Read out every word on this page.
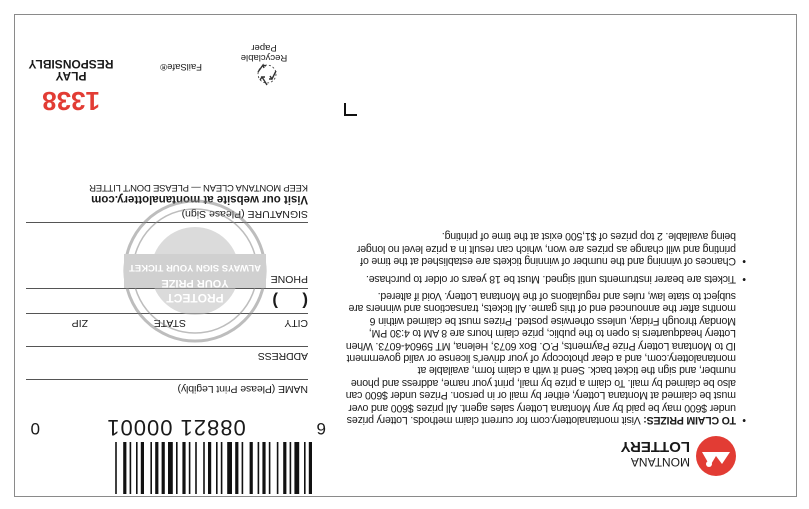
MONTANA
LOTTERY

• TO CLAIM PRIZES: Visit montanalottery.com for current claim methods. Lottery prizes under $600 may be paid by any Montana Lottery sales agent. All prizes $600 and over must be claimed at Montana Lottery, either by mail or in person. Prizes under $600 can also be claimed by mail. To claim a prize by mail, print your name, address and phone number, and sign the ticket back. Send it with a claim form, available at montanalottery.com, and a clear photocopy of your driver's license or valid government ID to Montana Lottery Prize Payments, P.O. Box 6073, Helena, MT 59604-6073. When Lottery headquarters is open to the public, prize claim hours are 8 AM to 4:30 PM, Monday through Friday, unless otherwise posted. Prizes must be claimed within 6 months after the announced end of this game. All tickets, transactions and winners are subject to state law, rules and regulations of the Montana Lottery. Void if altered.

• Tickets are bearer instruments until signed. Must be 18 years or older to purchase.

• Chances of winning and the number of winning tickets are established at the time of printing and will change as prizes are won, which can result in a prize level no longer being available. 2 top prizes of $1,500 exist at the time of printing.

6
08821 00001
0
NAME (Please Print Legibly)
ADDRESS
CITY
STATE
ZIP
(
)
PHONE
SIGNATURE (Please Sign)
Visit our website at montanalottery.com
KEEP MONTANA CLEAN — PLEASE DON'T LITTER
PROTECT
YOUR PRIZE
ALWAYS SIGN YOUR TICKET
1338
PLAY
RESPONSIBLY	FailSafe®
Recyclable
Paper
